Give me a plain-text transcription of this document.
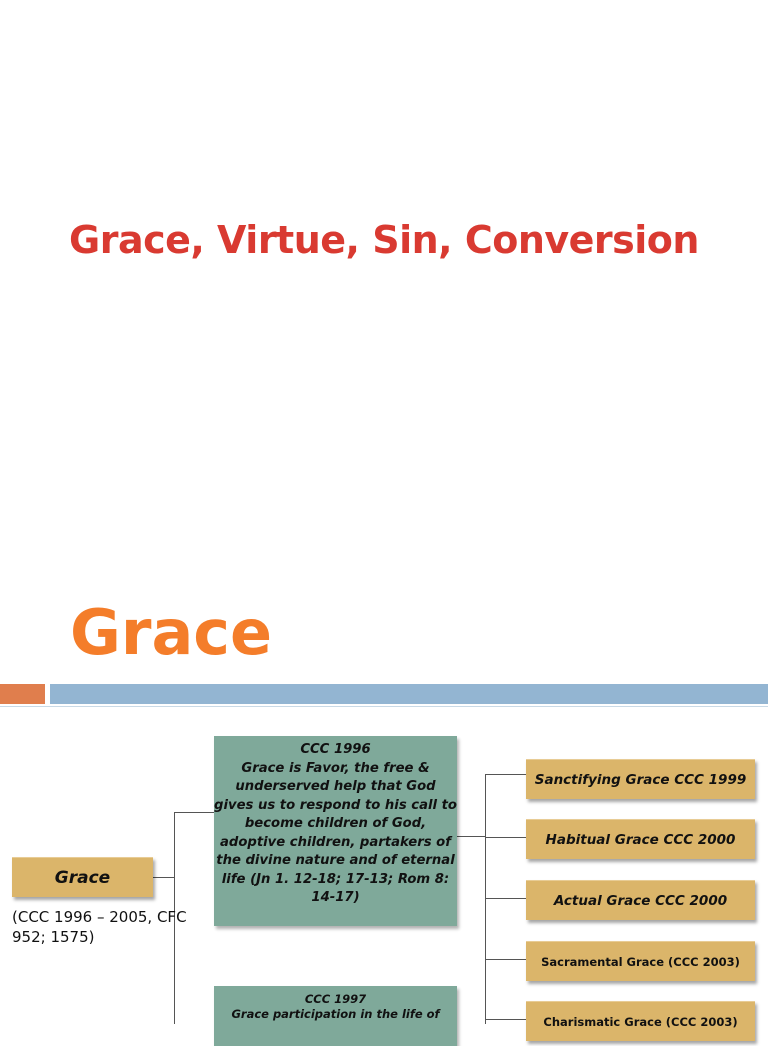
Grace, Virtue, Sin, Conversion
Grace
Grace
(CCC 1996 – 2005, CFC 952; 1575)
CCC 1996
Grace is Favor, the free &
underserved help that God
gives us to respond to his call to
become children of God,
adoptive children, partakers of
the divine nature and of eternal
life (Jn 1. 12-18; 17-13; Rom 8:
14-17)
CCC 1997
Grace participation in the life of
Sanctifying Grace CCC 1999
Habitual Grace CCC 2000
Actual Grace CCC 2000
Sacramental Grace (CCC 2003)
Charismatic Grace (CCC 2003)
